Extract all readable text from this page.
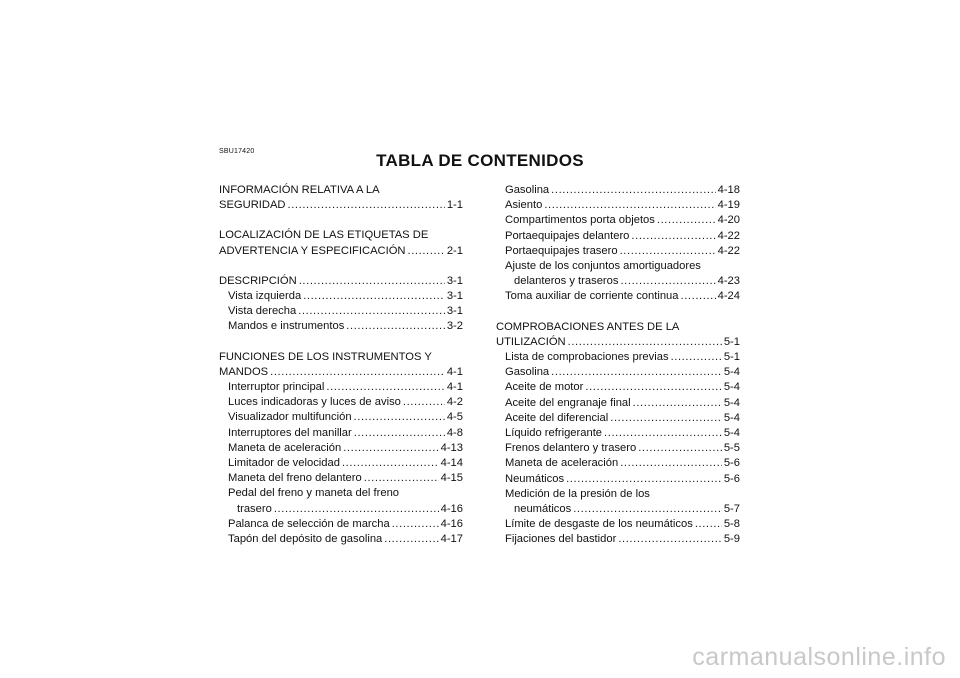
SBU17420	TABLA DE CONTENIDOS
INFORMACIÓN RELATIVA A LA
SEGURIDAD .....	1-1
LOCALIZACIÓN DE LAS ETIQUETAS DE
ADVERTENCIA Y ESPECIFICACIÓN .....	2-1
DESCRIPCIÓN .....	3-1
Vista izquierda .....	3-1
Vista derecha .....	3-1
Mandos e instrumentos .....	3-2
FUNCIONES DE LOS INSTRUMENTOS Y
MANDOS .....	4-1
Interruptor principal .....	4-1
Luces indicadoras y luces de aviso .....	4-2
Visualizador multifunción .....	4-5
Interruptores del manillar .....	4-8
Maneta de aceleración .....	4-13
Limitador de velocidad .....	4-14
Maneta del freno delantero .....	4-15
Pedal del freno y maneta del freno
trasero .....	4-16
Palanca de selección de marcha .....	4-16
Tapón del depósito de gasolina .....	4-17
Gasolina .....	4-18
Asiento .....	4-19
Compartimentos porta objetos .....	4-20
Portaequipajes delantero .....	4-22
Portaequipajes trasero .....	4-22
Ajuste de los conjuntos amortiguadores
delanteros y traseros .....	4-23
Toma auxiliar de corriente continua .....	4-24
COMPROBACIONES ANTES DE LA
UTILIZACIÓN .....	5-1
Lista de comprobaciones previas .....	5-1
Gasolina .....	5-4
Aceite de motor .....	5-4
Aceite del engranaje final .....	5-4
Aceite del diferencial .....	5-4
Líquido refrigerante .....	5-4
Frenos delantero y trasero .....	5-5
Maneta de aceleración .....	5-6
Neumáticos .....	5-6
Medición de la presión de los
neumáticos .....	5-7
Límite de desgaste de los neumáticos .....	5-8
Fijaciones del bastidor .....	5-9
carmanualsonline.info
